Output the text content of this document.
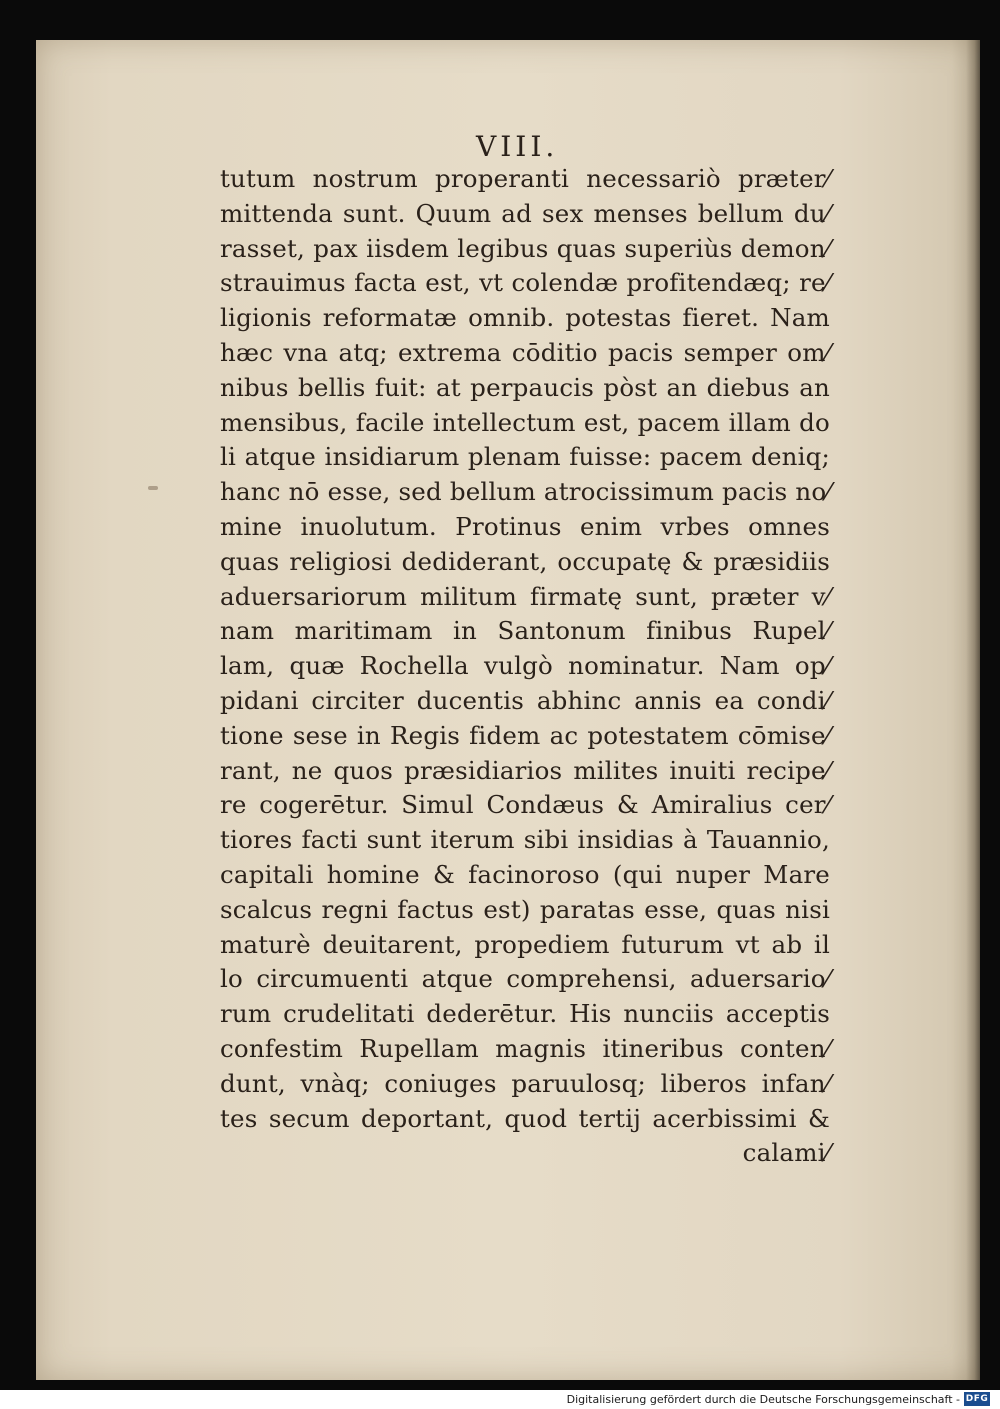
VIII.
tutum nostrum properanti necessariò præter⁄
mittenda sunt. Quum ad sex menses bellum du⁄
rasset, pax iisdem legibus quas superiùs demon⁄
strauimus facta est, vt colendæ profitendæq; re⁄
ligionis reformatæ omnib. potestas fieret. Nam
hæc vna atq; extrema cōditio pacis semper om⁄
nibus bellis fuit: at perpaucis pòst an diebus an
mensibus, facile intellectum est, pacem illam do
li atque insidiarum plenam fuisse: pacem deniq;
hanc nō esse, sed bellum atrocissimum pacis no⁄
mine inuolutum. Protinus enim vrbes omnes
quas religiosi dediderant, occupatę & præsidiis
aduersariorum militum firmatę sunt, præter v⁄
nam maritimam in Santonum finibus Rupel⁄
lam, quæ Rochella vulgò nominatur. Nam op⁄
pidani circiter ducentis abhinc annis ea condi⁄
tione sese in Regis fidem ac potestatem cōmise⁄
rant, ne quos præsidiarios milites inuiti recipe⁄
re cogerētur. Simul Condæus & Amiralius cer⁄
tiores facti sunt iterum sibi insidias à Tauannio,
capitali homine & facinoroso (qui nuper Mare
scalcus regni factus est) paratas esse, quas nisi
maturè deuitarent, propediem futurum vt ab il
lo circumuenti atque comprehensi, aduersario⁄
rum crudelitati dederētur. His nunciis acceptis
confestim Rupellam magnis itineribus conten⁄
dunt, vnàq; coniuges paruulosq; liberos infan⁄
tes secum deportant, quod tertij acerbissimi &
calami⁄
Digitalisierung gefördert durch die Deutsche Forschungsgemeinschaft - DFG
